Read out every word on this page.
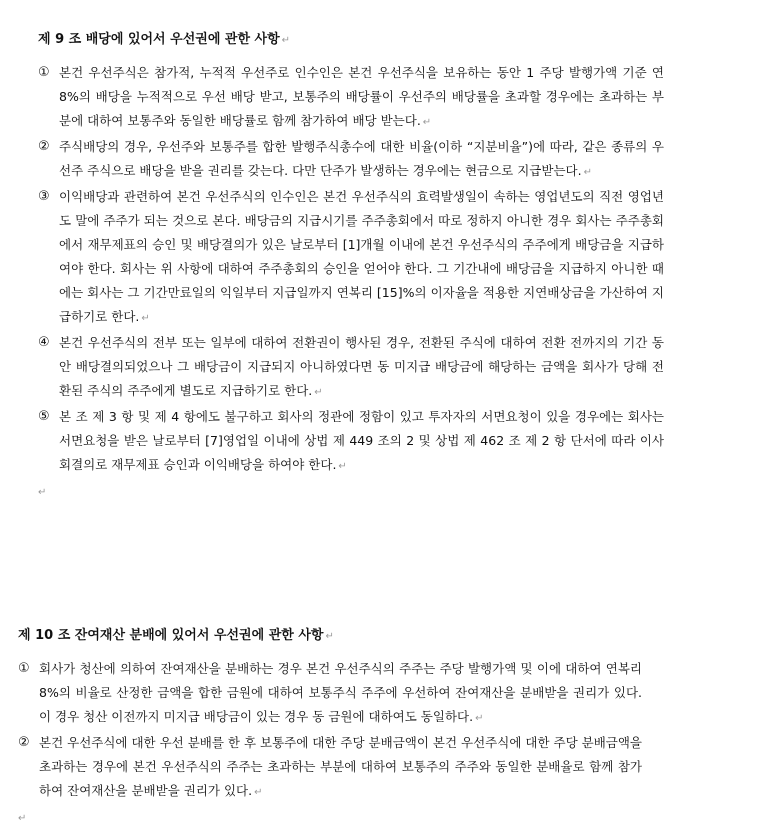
제 9 조 배당에 있어서 우선권에 관한 사항 ↵

① 본건 우선주식은 참가적, 누적적 우선주로 인수인은 본건 우선주식을 보유하는 동안 1 주당 발행가액 기준 연 8%의 배당을 누적적으로 우선 배당 받고, 보통주의 배당률이 우선주의 배당률을 초과할 경우에는 초과하는 부분에 대하여 보통주와 동일한 배당률로 함께 참가하여 배당 받는다. ↵

② 주식배당의 경우, 우선주와 보통주를 합한 발행주식총수에 대한 비율(이하 “지분비율”)에 따라, 같은 종류의 우선주 주식으로 배당을 받을 권리를 갖는다. 다만 단주가 발생하는 경우에는 현금으로 지급받는다. ↵

③ 이익배당과 관련하여 본건 우선주식의 인수인은 본건 우선주식의 효력발생일이 속하는 영업년도의 직전 영업년도 말에 주주가 되는 것으로 본다. 배당금의 지급시기를 주주총회에서 따로 정하지 아니한 경우 회사는 주주총회에서 재무제표의 승인 및 배당결의가 있은 날로부터 [1]개월 이내에 본건 우선주식의 주주에게 배당금을 지급하여야 한다. 회사는 위 사항에 대하여 주주총회의 승인을 얻어야 한다. 그 기간내에 배당금을 지급하지 아니한 때에는 회사는 그 기간만료일의 익일부터 지급일까지 연복리 [15]%의 이자율을 적용한 지연배상금을 가산하여 지급하기로 한다. ↵

④ 본건 우선주식의 전부 또는 일부에 대하여 전환권이 행사된 경우, 전환된 주식에 대하여 전환 전까지의 기간 동안 배당결의되었으나 그 배당금이 지급되지 아니하였다면 동 미지급 배당금에 해당하는 금액을 회사가 당해 전환된 주식의 주주에게 별도로 지급하기로 한다. ↵

⑤ 본 조 제 3 항 및 제 4 항에도 불구하고 회사의 정관에 정함이 있고 투자자의 서면요청이 있을 경우에는 회사는 서면요청을 받은 날로부터 [7]영업일 이내에 상법 제 449 조의 2 및 상법 제 462 조 제 2 항 단서에 따라 이사회결의로 재무제표 승인과 이익배당을 하여야 한다. ↵

↵
제 10 조 잔여재산 분배에 있어서 우선권에 관한 사항 ↵

① 회사가 청산에 의하여 잔여재산을 분배하는 경우 본건 우선주식의 주주는 주당 발행가액 및 이에 대하여 연복리 8%의 비율로 산정한 금액을 합한 금원에 대하여 보통주식 주주에 우선하여 잔여재산을 분배받을 권리가 있다. 이 경우 청산 이전까지 미지급 배당금이 있는 경우 동 금원에 대하여도 동일하다. ↵

② 본건 우선주식에 대한 우선 분배를 한 후 보통주에 대한 주당 분배금액이 본건 우선주식에 대한 주당 분배금액을 초과하는 경우에 본건 우선주식의 주주는 초과하는 부분에 대하여 보통주의 주주와 동일한 분배율로 함께 참가하여 잔여재산을 분배받을 권리가 있다. ↵

↵
